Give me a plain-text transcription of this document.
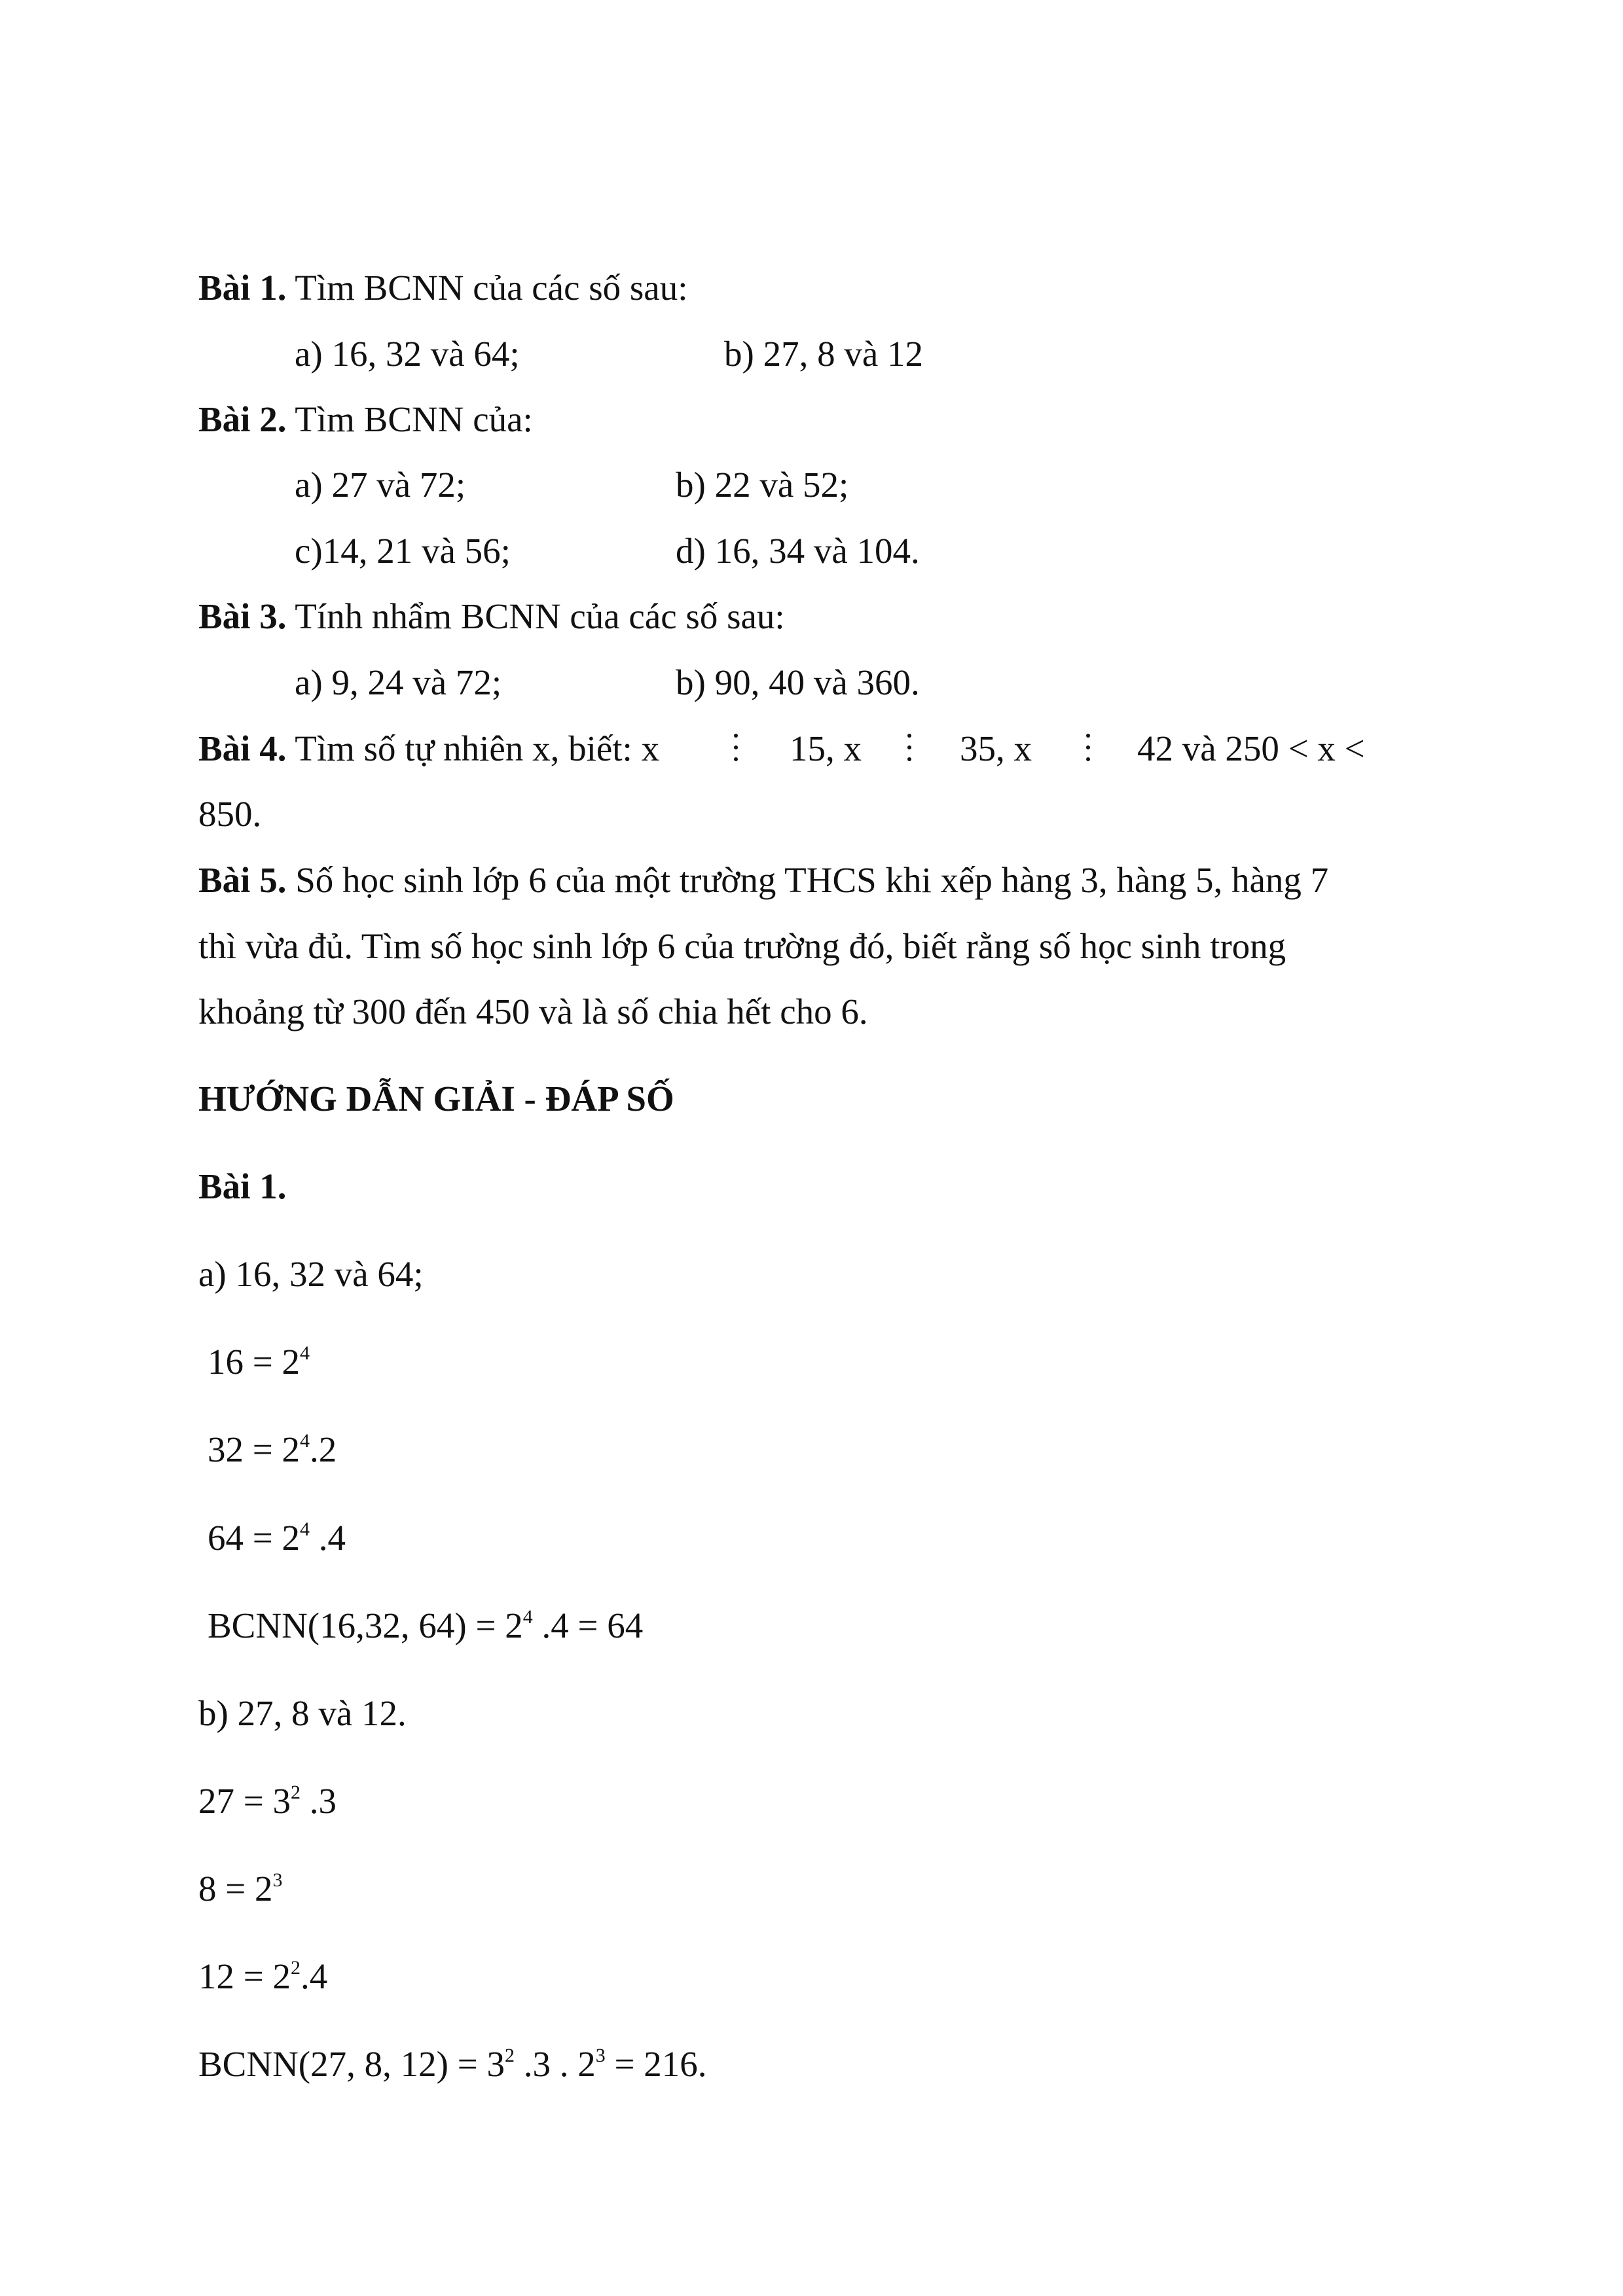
Bài 1. Tìm BCNN của các số sau:
a) 16, 32 và 64;	b) 27, 8 và 12
Bài 2. Tìm BCNN của:
a) 27 và 72;	b) 22 và 52;
c)14, 21 và 56;	d) 16, 34 và 104.
Bài 3. Tính nhẩm BCNN của các số sau:
a) 9, 24 và 72;	b) 90, 40 và 360.
Bài 4. Tìm số tự nhiên x, biết: x	15, x	35, x	42 và 250 < x <
850.
Bài 5. Số học sinh lớp 6 của một trường THCS khi xếp hàng 3, hàng 5, hàng 7
thì vừa đủ. Tìm số học sinh lớp 6 của trường đó, biết rằng số học sinh trong
khoảng từ 300 đến 450 và là số chia hết cho 6.
HƯỚNG DẪN GIẢI - ĐÁP SỐ
Bài 1.
a) 16, 32 và 64;
$16 = 2^4$
$32 = 2^4.2$
$64 = 2^4$ .4
BCNN(16,32, $64) = 2^4$ .4 = 64
b) 27, 8 và 12.
$27 = 3^2$ .3
$8 = 2^3$
$12 = 2^2.4$
BCNN(27, 8, $12) = 3^2$ .3 . $2^3 = 216$.
